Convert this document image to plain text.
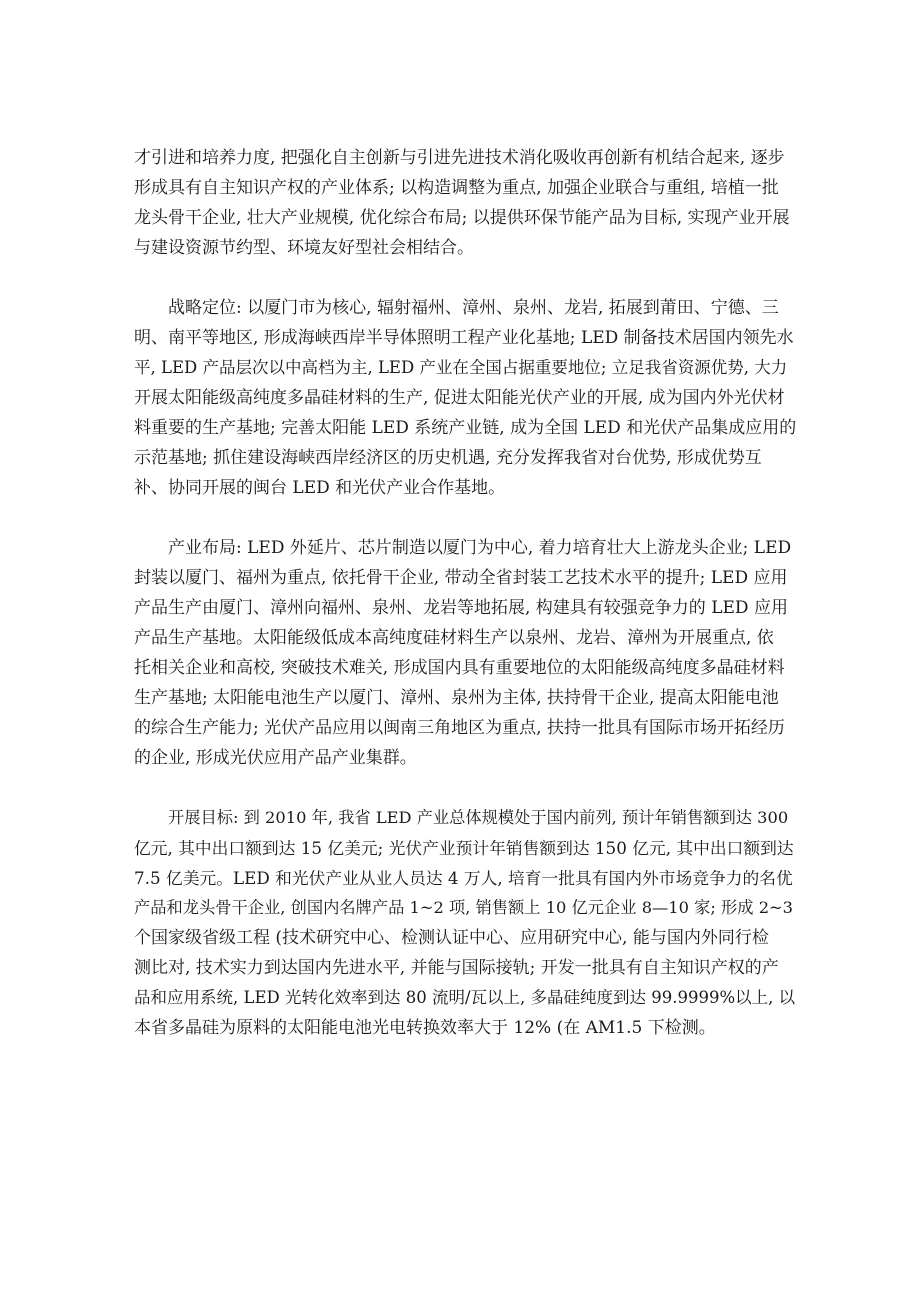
才引进和培养力度, 把强化自主创新与引进先进技术消化吸收再创新有机结合起来, 逐步
形成具有自主知识产权的产业体系; 以构造调整为重点, 加强企业联合与重组, 培植一批
龙头骨干企业, 壮大产业规模, 优化综合布局; 以提供环保节能产品为目标, 实现产业开展
与建设资源节约型、环境友好型社会相结合。

战略定位: 以厦门市为核心, 辐射福州、漳州、泉州、龙岩, 拓展到莆田、宁德、三
明、南平等地区, 形成海峡西岸半导体照明工程产业化基地; LED 制备技术居国内领先水
平, LED 产品层次以中高档为主, LED 产业在全国占据重要地位; 立足我省资源优势, 大力
开展太阳能级高纯度多晶硅材料的生产, 促进太阳能光伏产业的开展, 成为国内外光伏材
料重要的生产基地; 完善太阳能 LED 系统产业链, 成为全国 LED 和光伏产品集成应用的
示范基地; 抓住建设海峡西岸经济区的历史机遇, 充分发挥我省对台优势, 形成优势互
补、协同开展的闽台 LED 和光伏产业合作基地。

产业布局: LED 外延片、芯片制造以厦门为中心, 着力培育壮大上游龙头企业; LED
封装以厦门、福州为重点, 依托骨干企业, 带动全省封装工艺技术水平的提升; LED 应用
产品生产由厦门、漳州向福州、泉州、龙岩等地拓展, 构建具有较强竞争力的 LED 应用
产品生产基地。太阳能级低成本高纯度硅材料生产以泉州、龙岩、漳州为开展重点, 依
托相关企业和高校, 突破技术难关, 形成国内具有重要地位的太阳能级高纯度多晶硅材料
生产基地; 太阳能电池生产以厦门、漳州、泉州为主体, 扶持骨干企业, 提高太阳能电池
的综合生产能力; 光伏产品应用以闽南三角地区为重点, 扶持一批具有国际市场开拓经历
的企业, 形成光伏应用产品产业集群。

开展目标: 到 2010 年, 我省 LED 产业总体规模处于国内前列, 预计年销售额到达 300
亿元, 其中出口额到达 15 亿美元; 光伏产业预计年销售额到达 150 亿元, 其中出口额到达
7.5 亿美元。LED 和光伏产业从业人员达 4 万人, 培育一批具有国内外市场竞争力的名优
产品和龙头骨干企业, 创国内名牌产品 1~2 项, 销售额上 10 亿元企业 8—10 家; 形成 2~3
个国家级省级工程 (技术研究中心、检测认证中心、应用研究中心, 能与国内外同行检
测比对, 技术实力到达国内先进水平, 并能与国际接轨; 开发一批具有自主知识产权的产
品和应用系统, LED 光转化效率到达 80 流明/瓦以上, 多晶硅纯度到达 99.9999%以上, 以
本省多晶硅为原料的太阳能电池光电转换效率大于 12% (在 AM1.5 下检测。
